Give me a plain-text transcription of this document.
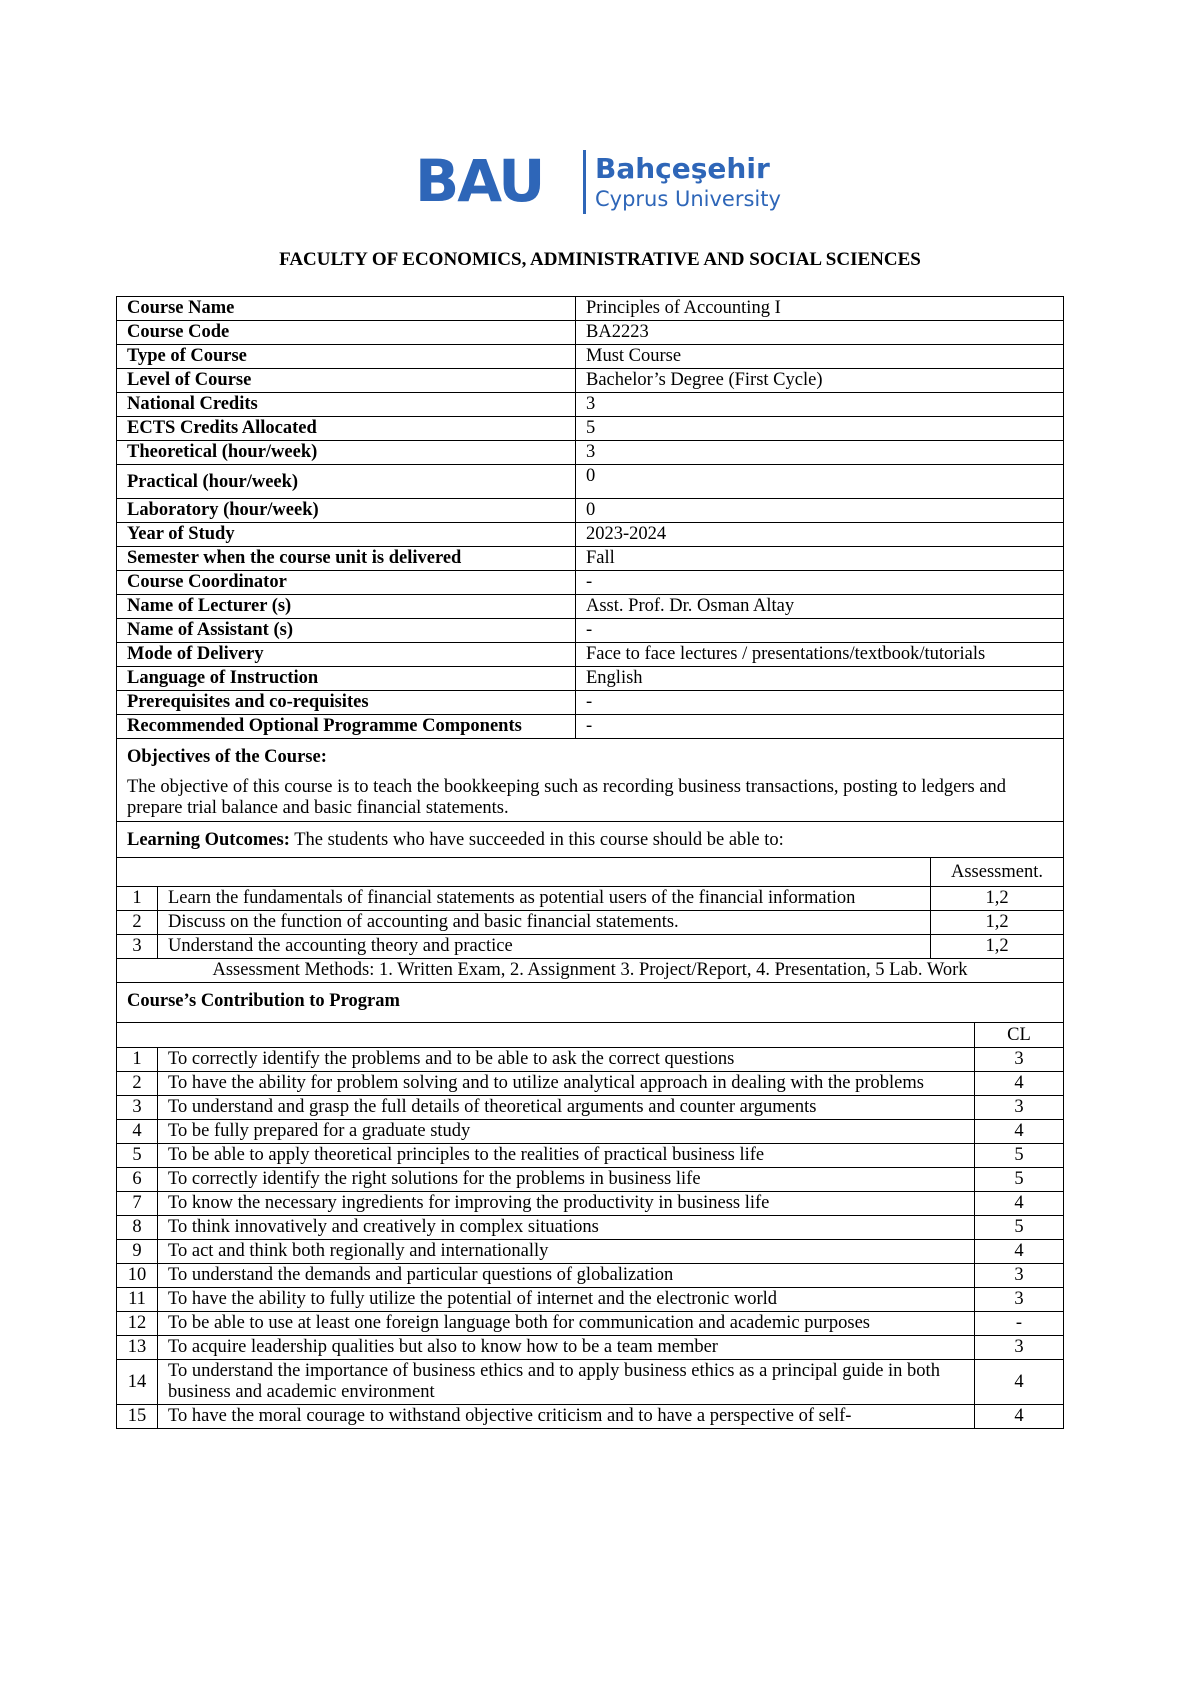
BAU Bahçeşehir
Cyprus University
FACULTY OF ECONOMICS, ADMINISTRATIVE AND SOCIAL SCIENCES
Course Name	Principles of Accounting I
Course Code	BA2223
Type of Course	Must Course
Level of Course	Bachelor’s Degree (First Cycle)
National Credits	3
ECTS Credits Allocated	5
Theoretical (hour/week)	3
Practical (hour/week)	0
Laboratory (hour/week)	0
Year of Study	2023-2024
Semester when the course unit is delivered	Fall
Course Coordinator	-
Name of Lecturer (s)	Asst. Prof. Dr. Osman Altay
Name of Assistant (s)	-
Mode of Delivery	Face to face lectures / presentations/textbook/tutorials
Language of Instruction	English
Prerequisites and co-requisites	-
Recommended Optional Programme Components	-
Objectives of the Course:

The objective of this course is to teach the bookkeeping such as recording business transactions, posting to ledgers and prepare trial balance and basic financial statements.

Learning Outcomes: The students who have succeeded in this course should be able to:

	Assessment.
1	Learn the fundamentals of financial statements as potential users of the financial information	1,2
2	Discuss on the function of accounting and basic financial statements.	1,2
3	Understand the accounting theory and practice	1,2

Assessment Methods: 1. Written Exam, 2. Assignment 3. Project/Report, 4. Presentation, 5 Lab. Work
Course’s Contribution to Program

	CL
1	To correctly identify the problems and to be able to ask the correct questions	3
2	To have the ability for problem solving and to utilize analytical approach in dealing with the problems	4
3	To understand and grasp the full details of theoretical arguments and counter arguments	3
4	To be fully prepared for a graduate study	4
5	To be able to apply theoretical principles to the realities of practical business life	5
6	To correctly identify the right solutions for the problems in business life	5
7	To know the necessary ingredients for improving the productivity in business life	4
8	To think innovatively and creatively in complex situations	5
9	To act and think both regionally and internationally	4
10	To understand the demands and particular questions of globalization	3
11	To have the ability to fully utilize the potential of internet and the electronic world	3
12	To be able to use at least one foreign language both for communication and academic purposes	-
13	To acquire leadership qualities but also to know how to be a team member	3
14	To understand the importance of business ethics and to apply business ethics as a principal guide in both business and academic environment	4
15	To have the moral courage to withstand objective criticism and to have a perspective of self-	4
